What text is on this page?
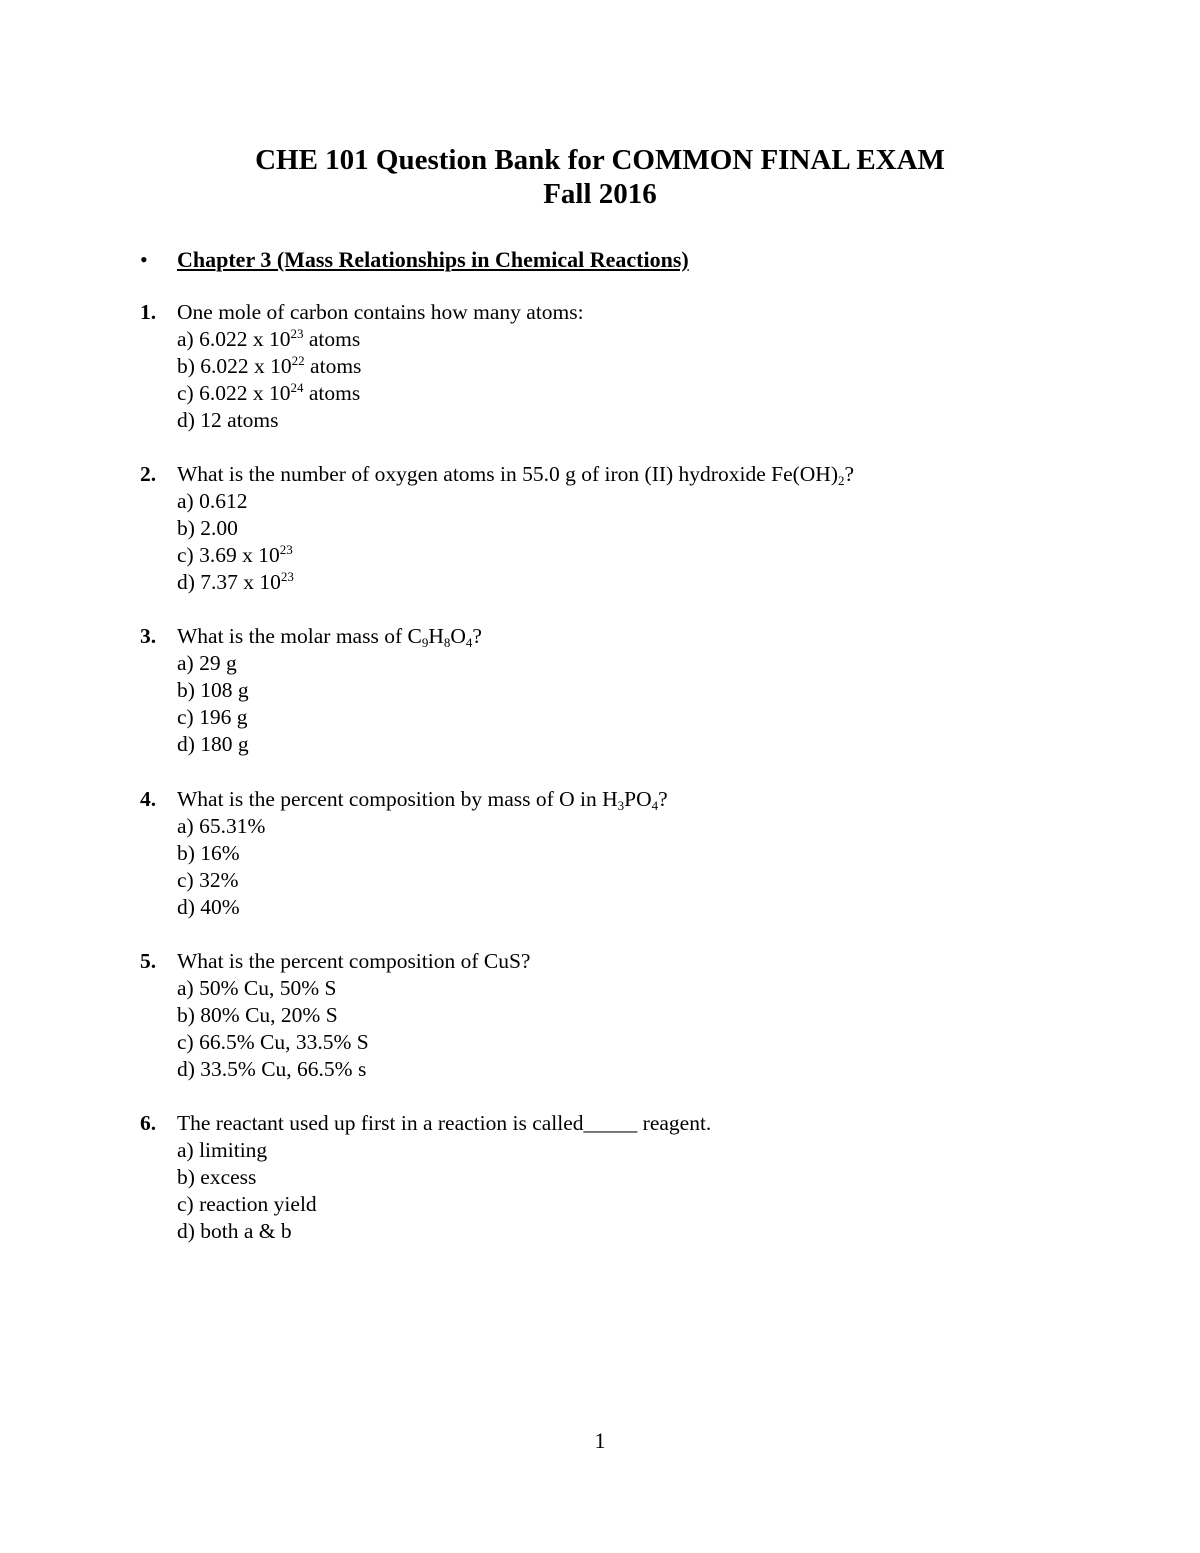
CHE 101 Question Bank for COMMON FINAL EXAM
Fall 2016
•	Chapter 3 (Mass Relationships in Chemical Reactions)
1. One mole of carbon contains how many atoms:
a) 6.022 x $10^{23}$ atoms
b) 6.022 x $10^{22}$ atoms
c) 6.022 x $10^{24}$ atoms
d) 12 atoms
2. What is the number of oxygen atoms in 55.0 g of iron (II) hydroxide $Fe(OH)_2$?
a) 0.612
b) 2.00
c) 3.69 x $10^{23}$
d) 7.37 x $10^{23}$
3. What is the molar mass of $C_9H_8O_4$?
a) 29 g
b) 108 g
c) 196 g
d) 180 g
4. What is the percent composition by mass of O in $H_3PO_4$?
a) 65.31%
b) 16%
c) 32%
d) 40%
5. What is the percent composition of CuS?
a) 50% Cu, 50% S
b) 80% Cu, 20% S
c) 66.5% Cu, 33.5% S
d) 33.5% Cu, 66.5% s
6. The reactant used up first in a reaction is called_____ reagent.
a) limiting
b) excess
c) reaction yield
d) both a & b
1
